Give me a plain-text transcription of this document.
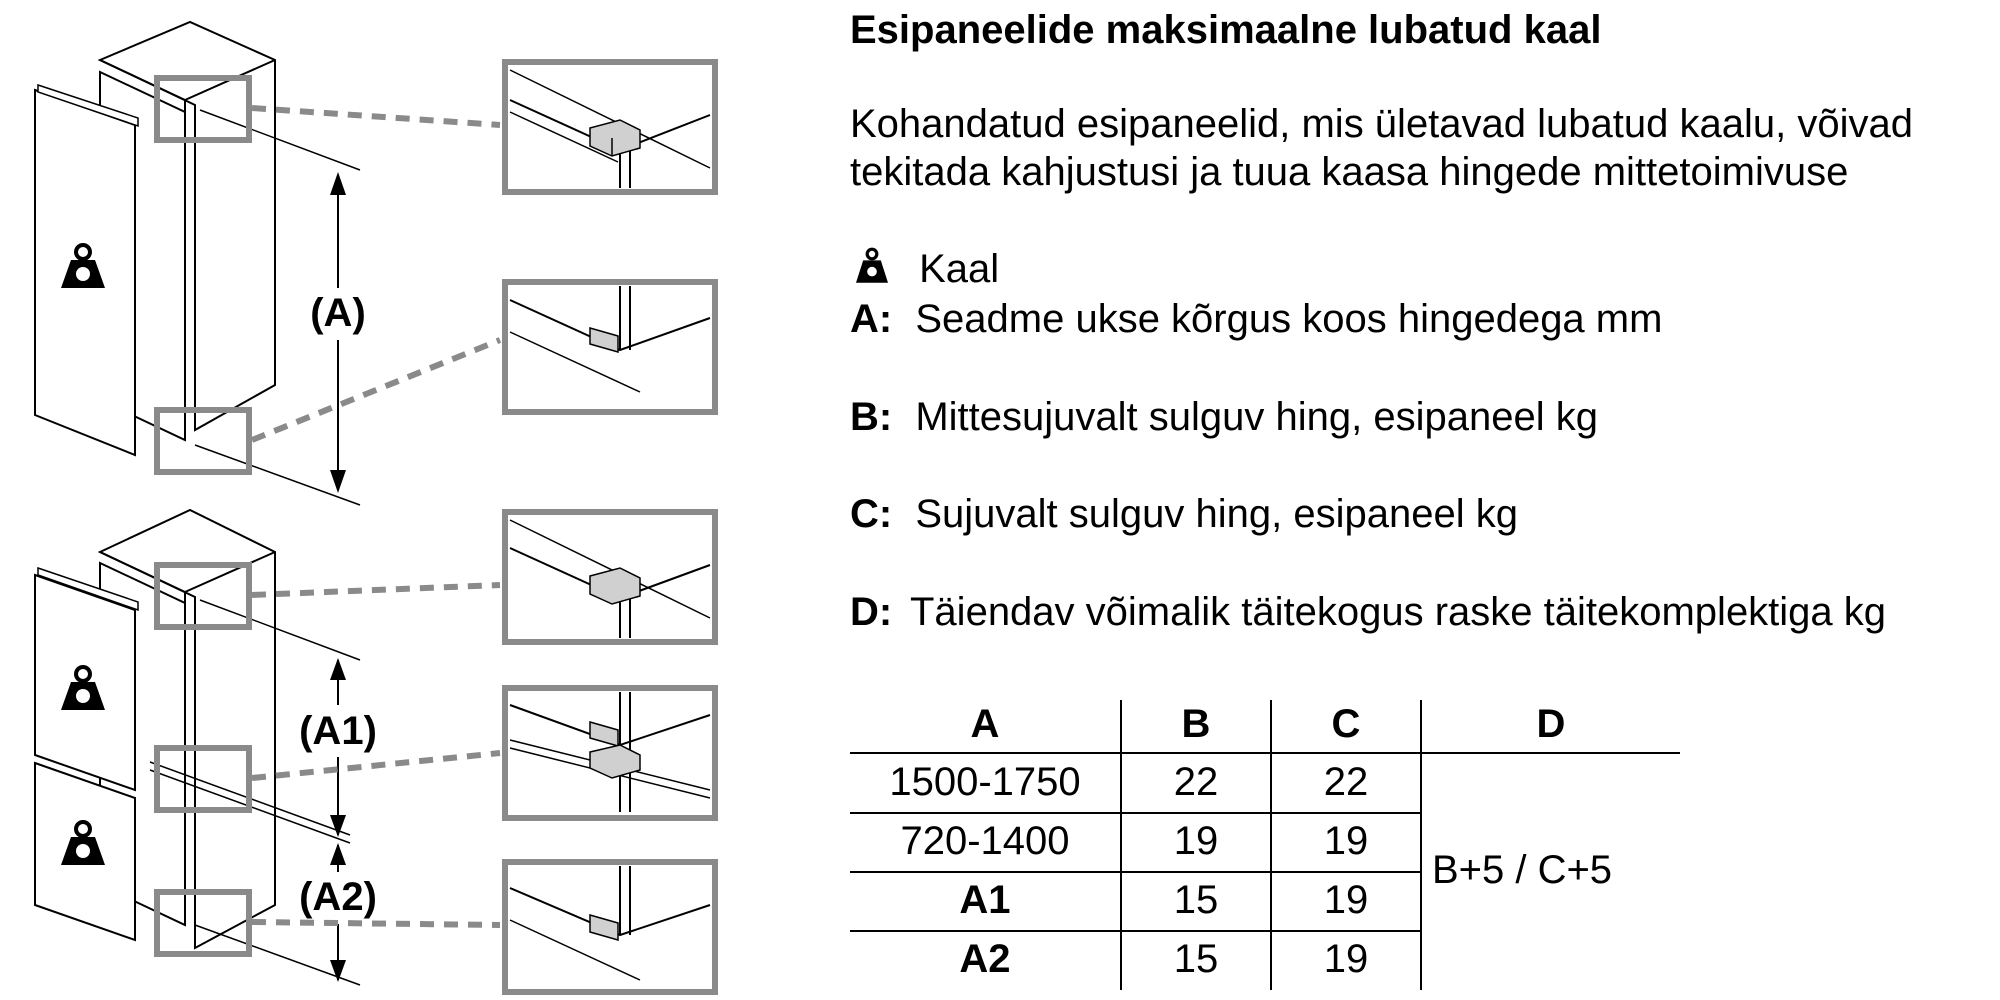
(A)
(A1)
(A2)
Esipaneelide maksimaalne lubatud kaal
Kohandatud esipaneelid, mis ületavad lubatud kaalu, võivad tekitada kahjustusi ja tuua kaasa hingede mittetoimivuse
Kaal
A: Seadme ukse kõrgus koos hingedega mm
B: Mittesujuvalt sulguv hing, esipaneel kg
C: Sujuvalt sulguv hing, esipaneel kg
D: Täiendav võimalik täitekogus raske täitekomplektiga kg
A	B	C	D
1500-1750	22	22
720-1400	19	19
A1	15	19
A2	15	19
B+5 / C+5
